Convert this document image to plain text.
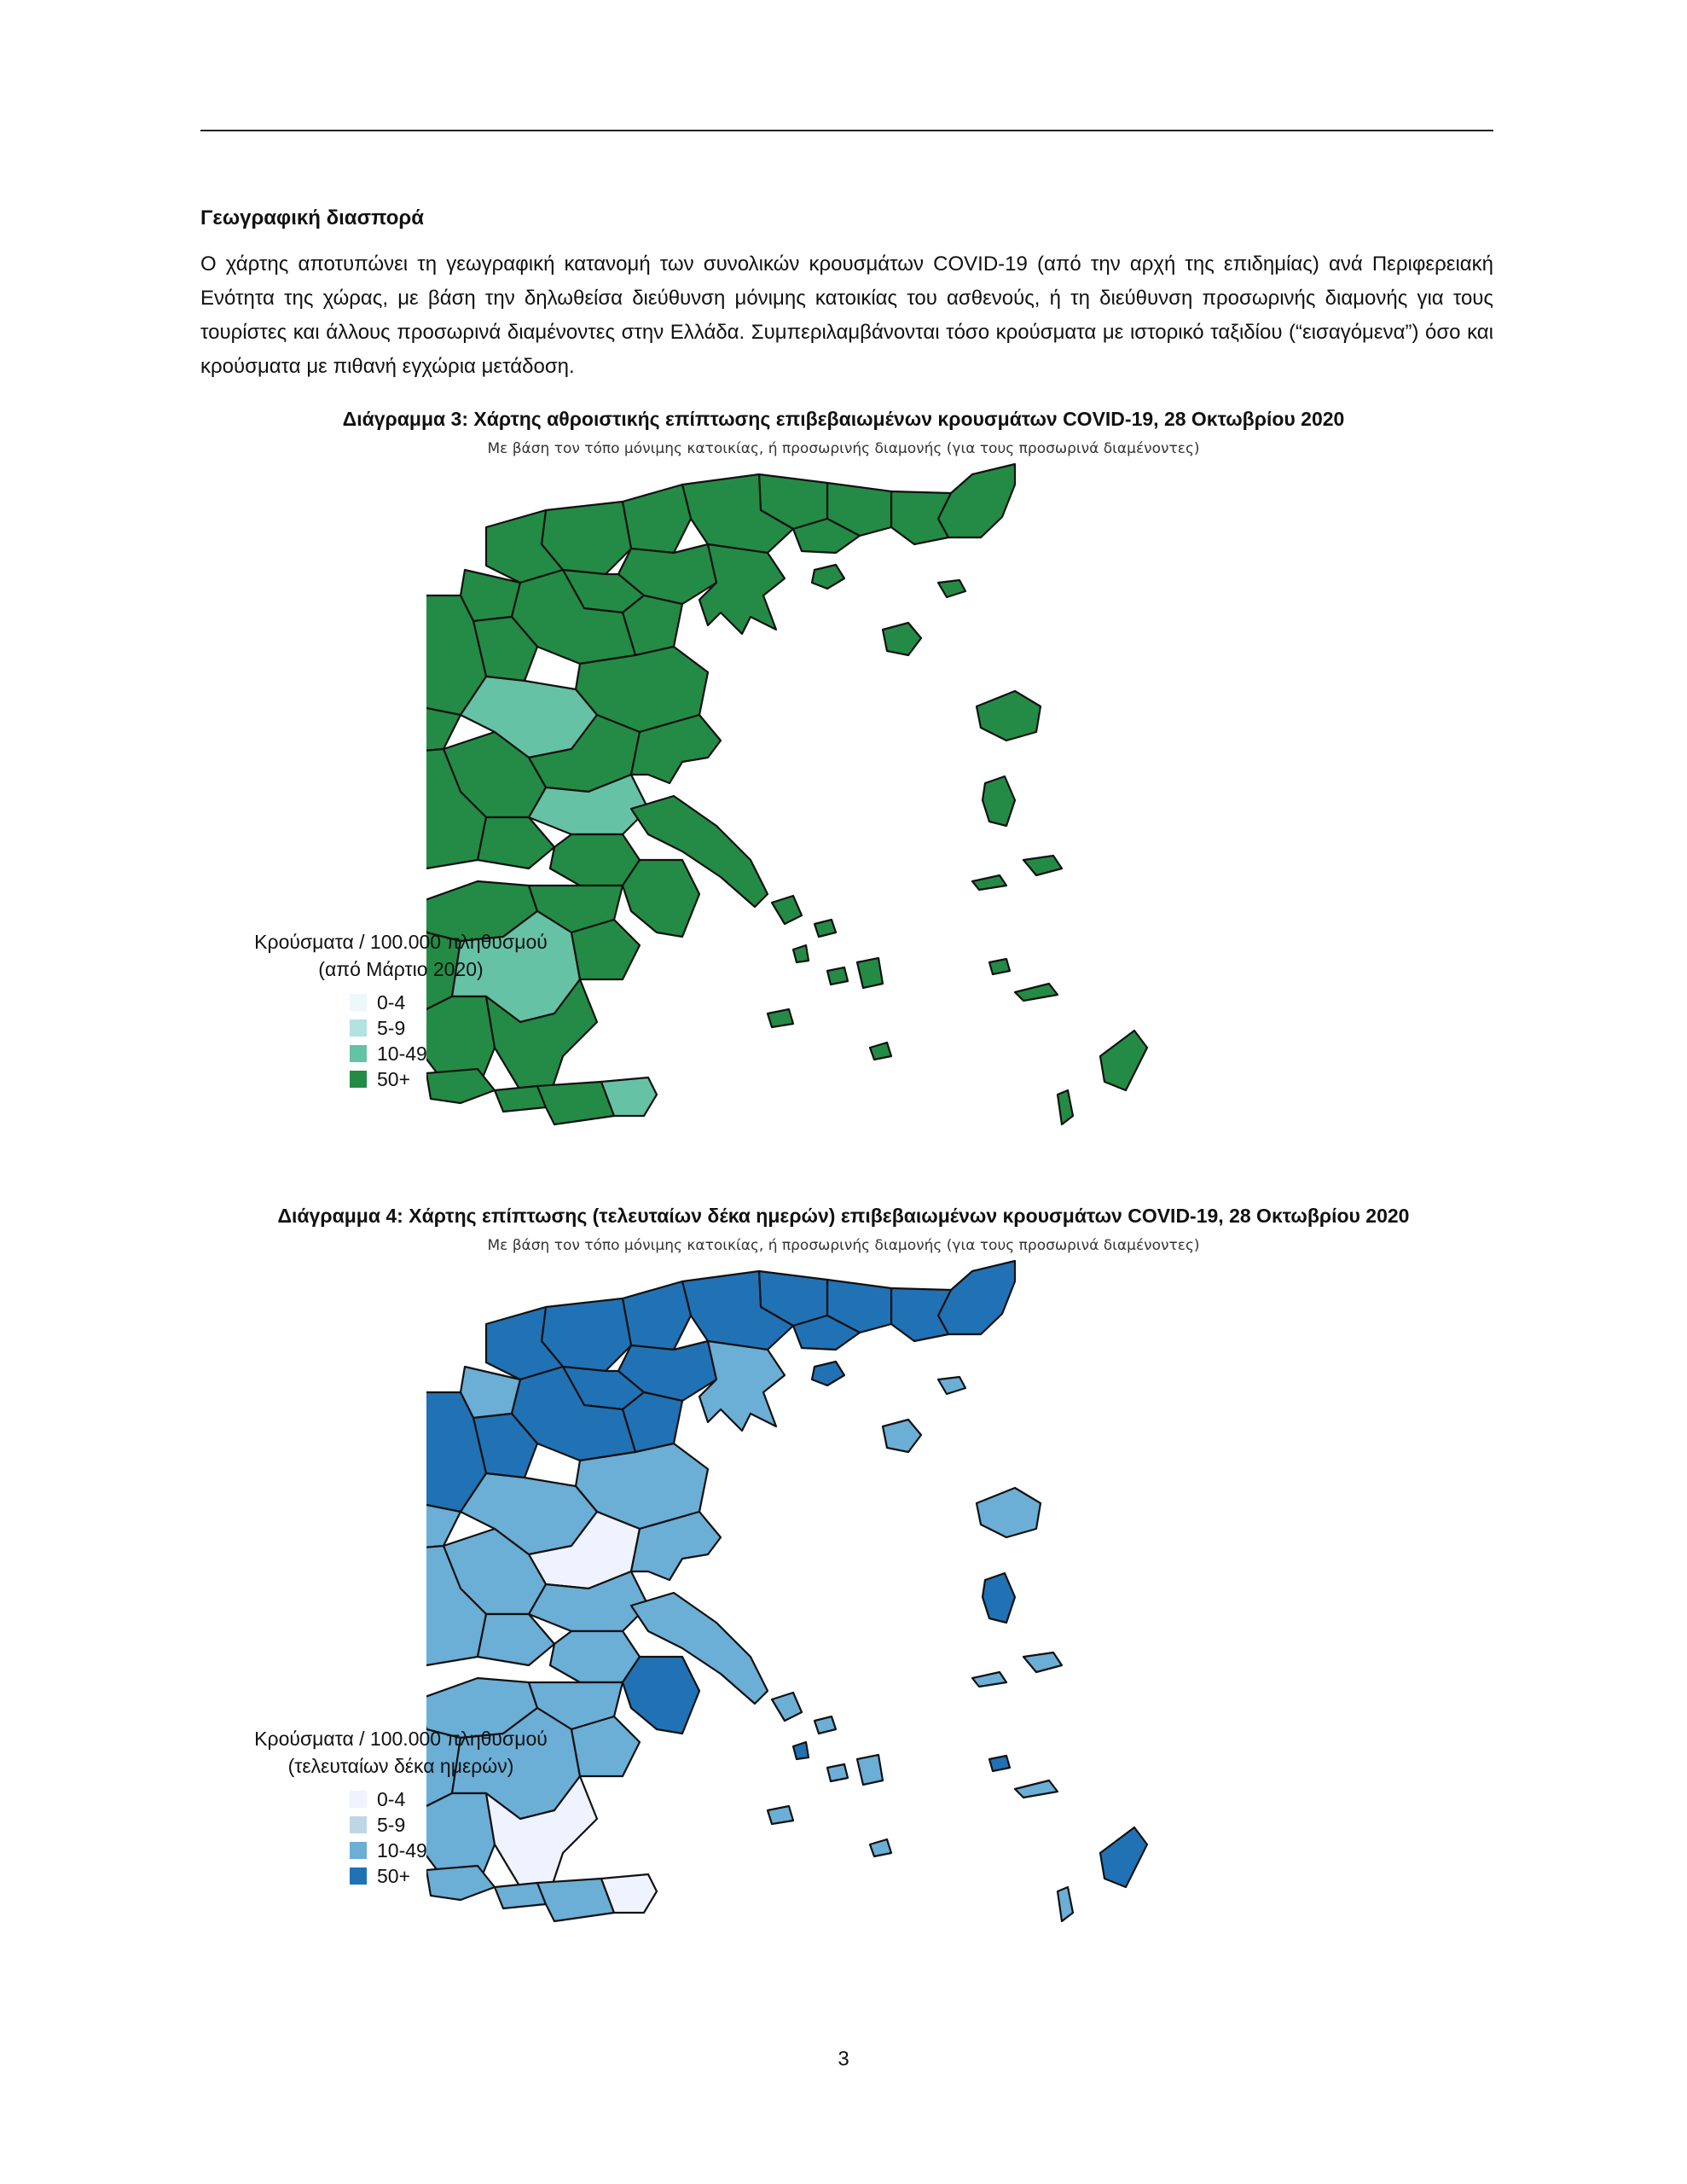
Γεωγραφική διασπορά
Ο χάρτης αποτυπώνει τη γεωγραφική κατανομή των συνολικών κρουσμάτων COVID-19 (από την αρχή της επιδημίας) ανά Περιφερειακή Ενότητα της χώρας, με βάση την δηλωθείσα διεύθυνση μόνιμης κατοικίας του ασθενούς, ή τη διεύθυνση προσωρινής διαμονής για τους τουρίστες και άλλους προσωρινά διαμένοντες στην Ελλάδα. Συμπεριλαμβάνονται τόσο κρούσματα με ιστορικό ταξιδίου (“εισαγόμενα”) όσο και κρούσματα με πιθανή εγχώρια μετάδοση.
Διάγραμμα 3: Χάρτης αθροιστικής επίπτωσης επιβεβαιωμένων κρουσμάτων COVID-19, 28 Οκτωβρίου 2020
Με βάση τον τόπο μόνιμης κατοικίας, ή προσωρινής διαμονής (για τους προσωρινά διαμένοντες)
Κρούσματα / 100.000 πληθυσμού
(από Μάρτιο 2020)
0-4
5-9
10-49
50+
Διάγραμμα 4: Χάρτης επίπτωσης (τελευταίων δέκα ημερών) επιβεβαιωμένων κρουσμάτων COVID-19, 28 Οκτωβρίου 2020
Με βάση τον τόπο μόνιμης κατοικίας, ή προσωρινής διαμονής (για τους προσωρινά διαμένοντες)
Κρούσματα / 100.000 πληθυσμού
(τελευταίων δέκα ημερών)
0-4
5-9
10-49
50+
3
